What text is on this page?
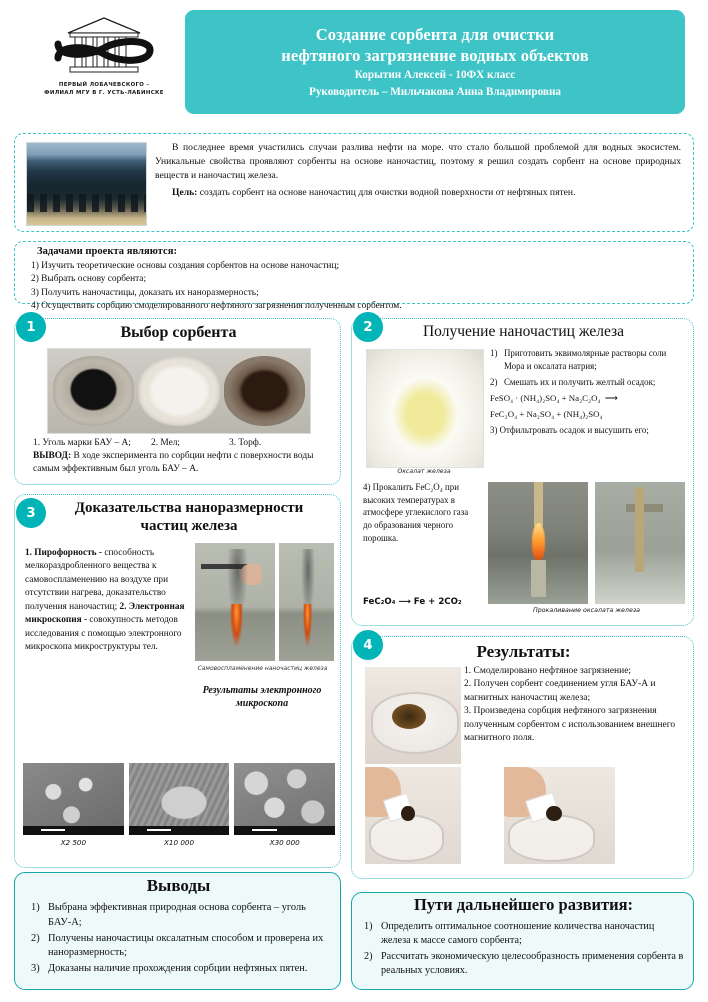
ПЕРВЫЙ ЛОБАЧЕВСКОГО -
ФИЛИАЛ МГУ В Г. УСТЬ-ЛАБИНСКЕ
Создание сорбента для очистки
нефтяного загрязнение водных объектов
Корытин Алексей - 10ФХ класс
Руководитель – Мильчакова Анна Владимировна

В последнее время участились случаи разлива нефти на море. что стало большой проблемой для водных экосистем. Уникальные свойства проявляют сорбенты на основе наночастиц, поэтому я решил создать сорбент на основе природных веществ и наночастиц железа.

Цель: создать сорбент на основе наночастиц для очистки водной поверхности от нефтяных пятен.

Задачами проекта являются:
1) Изучить теоретические основы создания сорбентов на основе наночастиц;
2) Выбрать основу сорбента;
3) Получить наночастицы, доказать их наноразмерность;
4) Осуществить сорбцию смоделированного нефтяного загрязнения полученным сорбентом.
1	Выбор сорбента
1. Уголь марки БАУ – А;	2. Мел;	3. Торф.
ВЫВОД: В ходе эксперимента по сорбции нефти с поверхности воды самым эффективным был уголь БАУ – А.
2	Получение наночастиц железа
Оксалат железа
1) Приготовить эквимолярные растворы соли Мора и оксалата натрия;
2) Смешать их и получить желтый осадок;
FeSO₄ · (NH₄)₂SO₄ + Na₂C₂O₄  ⟶
FeC₂O₄ + Na₂SO₄ + (NH₄)₂SO₄
3) Отфильтровать осадок и высушить его;
4) Прокалить FeC₂O₄ при высоких температурах в атмосфере углекислого газа до образования черного порошка.
FeC₂O₄ ⟶ Fe + 2CO₂
Прокаливание оксалата железа
3	Доказательства наноразмерности
частиц железа
1. Пирофорность - способность мелкораздробленного вещества к самовоспламенению на воздухе при отсутствии нагрева, доказательство получения наночастиц; 2. Электронная микроскопия - совокупность методов исследования с помощью электронного микроскопа микроструктуры тел.
Самовоспламенение наночастиц железа
Результаты электронного
микроскопа
X2 500	X10 000	X30 000
4	Результаты:
1. Смоделировано нефтяное загрязнение;
2. Получен сорбент соединением угля БАУ-А и магнитных наночастиц железа;
3. Произведена сорбция нефтяного загрязнения полученным сорбентом с использованием внешнего магнитного поля.
Выводы
1) Выбрана эффективная природная основа сорбента – уголь БАУ-А;
2) Получены наночастицы оксалатным способом и проверена их наноразмерность;
3) Доказаны наличие прохождения сорбции нефтяных пятен.
Пути дальнейшего развития:
1) Определить оптимальное соотношение количества наночастиц железа к массе самого сорбента;
2) Рассчитать экономическую целесообразность применения сорбента в реальных условиях.
